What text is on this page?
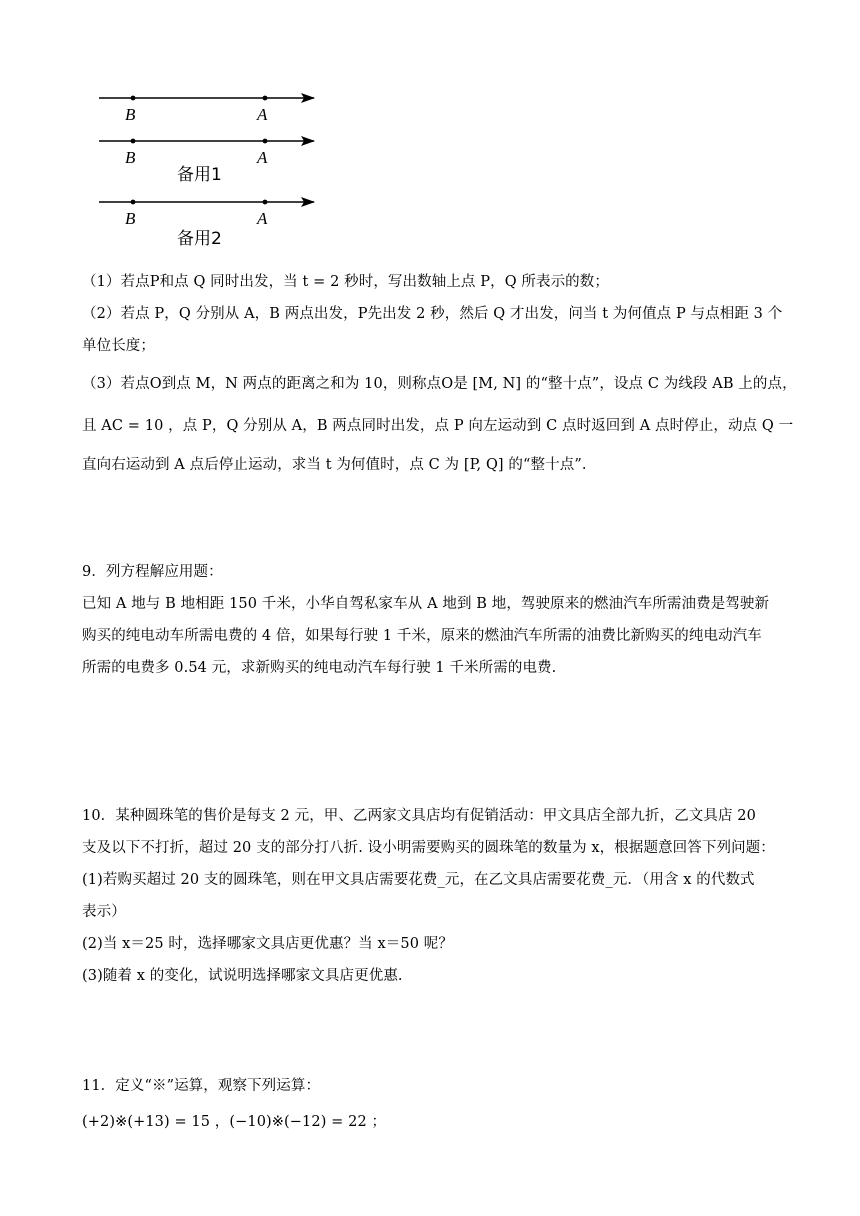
B	A
B	A
备用1
B	A
备用2
（1）若点P和点 Q 同时出发，当 t = 2 秒时，写出数轴上点 P，Q 所表示的数；
（2）若点 P，Q 分别从 A，B 两点出发，P先出发 2 秒，然后 Q 才出发，问当 t 为何值点 P 与点相距 3 个
单位长度；
（3）若点O到点 M，N 两点的距离之和为 10，则称点O是 [M, N] 的“整十点”，设点 C 为线段 AB 上的点，
且 AC = 10 ，点 P，Q 分别从 A，B 两点同时出发，点 P 向左运动到 C 点时返回到 A 点时停止，动点 Q 一
直向右运动到 A 点后停止运动，求当 t 为何值时，点 C 为 [P, Q] 的“整十点”.
9．列方程解应用题：
已知 A 地与 B 地相距 150 千米，小华自驾私家车从 A 地到 B 地，驾驶原来的燃油汽车所需油费是驾驶新
购买的纯电动车所需电费的 4 倍，如果每行驶 1 千米，原来的燃油汽车所需的油费比新购买的纯电动汽车
所需的电费多 0.54 元，求新购买的纯电动汽车每行驶 1 千米所需的电费.
10．某种圆珠笔的售价是每支 2 元，甲、乙两家文具店均有促销活动：甲文具店全部九折，乙文具店 20
支及以下不打折，超过 20 支的部分打八折. 设小明需要购买的圆珠笔的数量为 x，根据题意回答下列问题：
(1)若购买超过 20 支的圆珠笔，则在甲文具店需要花费_元，在乙文具店需要花费_元．（用含 x 的代数式
表示）
(2)当 x＝25 时，选择哪家文具店更优惠？当 x＝50 呢？
(3)随着 x 的变化，试说明选择哪家文具店更优惠.
11．定义“※”运算，观察下列运算：
(+2)※(+13) = 15 ，(−10)※(−12) = 22 ；
